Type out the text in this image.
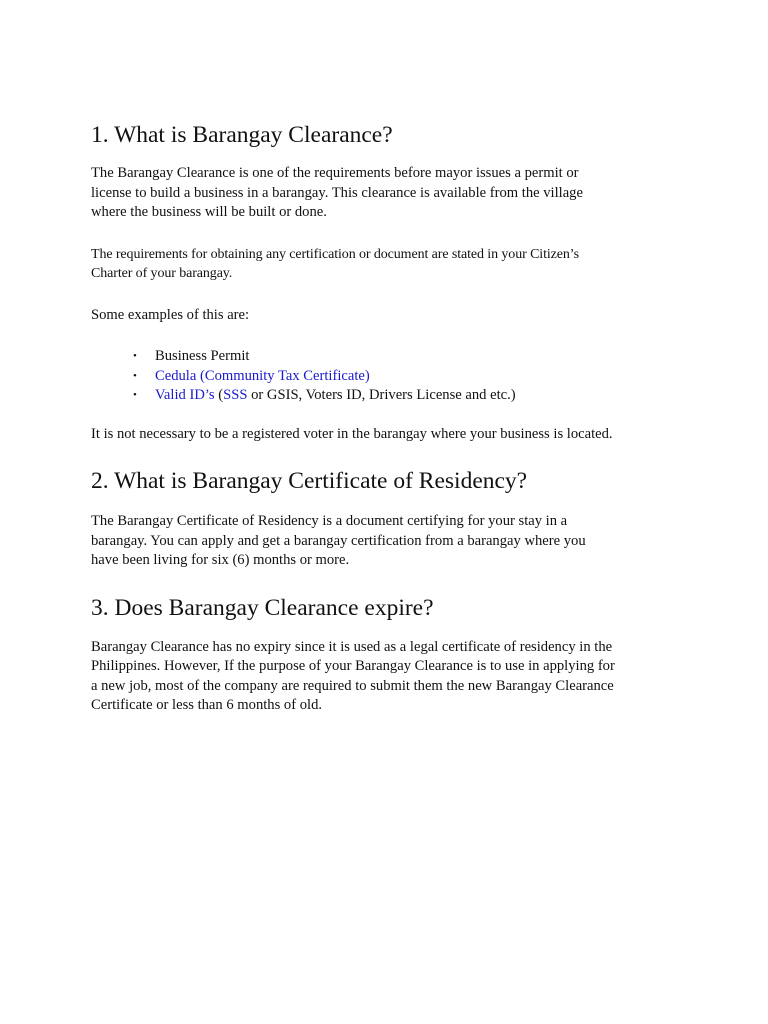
1. What is Barangay Clearance?

The Barangay Clearance is one of the requirements before mayor issues a permit or
license to build a business in a barangay. This clearance is available from the village
where the business will be built or done.

The requirements for obtaining any certification or document are stated in your Citizen’s
Charter of your barangay.

Some examples of this are:

• Business Permit
• Cedula (Community Tax Certificate)
• Valid ID’s (SSS or GSIS, Voters ID, Drivers License and etc.)

It is not necessary to be a registered voter in the barangay where your business is located.

2. What is Barangay Certificate of Residency?

The Barangay Certificate of Residency is a document certifying for your stay in a
barangay. You can apply and get a barangay certification from a barangay where you
have been living for six (6) months or more.

3. Does Barangay Clearance expire?

Barangay Clearance has no expiry since it is used as a legal certificate of residency in the
Philippines. However, If the purpose of your Barangay Clearance is to use in applying for
a new job, most of the company are required to submit them the new Barangay Clearance
Certificate or less than 6 months of old.
